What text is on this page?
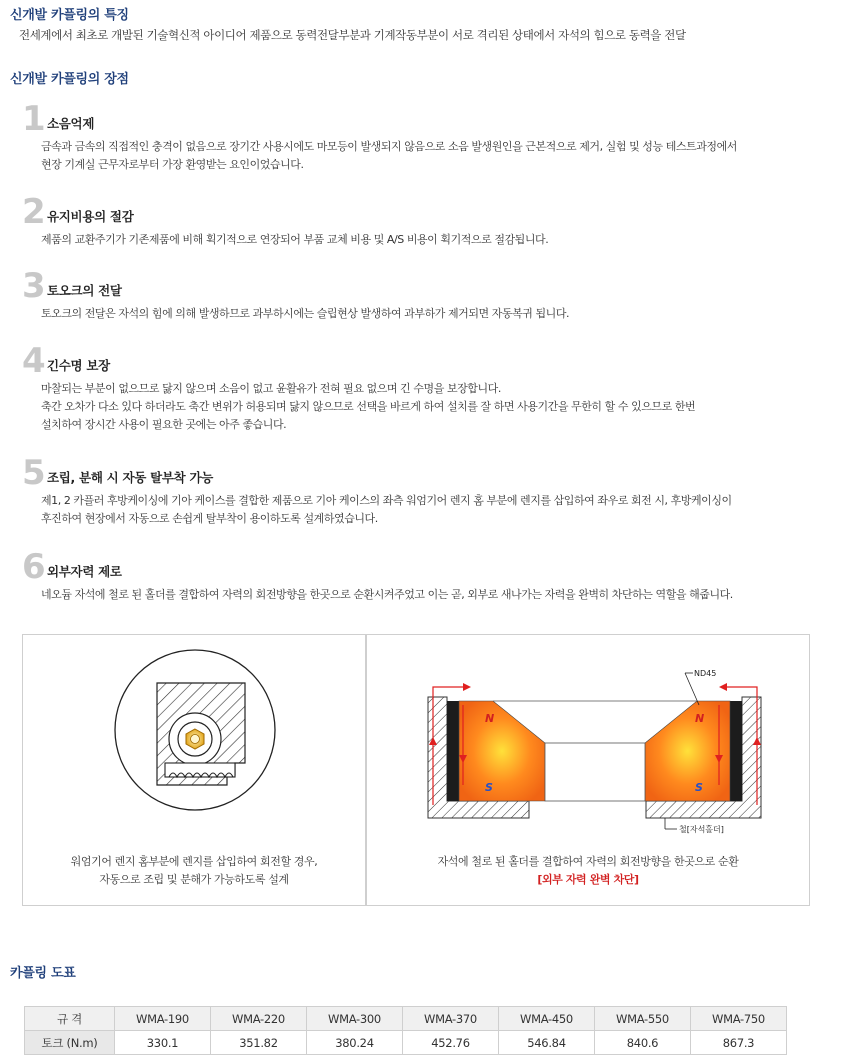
신개발 카플링의 특징
전세계에서 최초로 개발된 기술혁신적 아이디어 제품으로 동력전달부분과 기계작동부분이 서로 격리된 상태에서 자석의 힘으로 동력을 전달
신개발 카플링의 장점
1 소음억제
금속과 금속의 직접적인 충격이 없음으로 장기간 사용시에도 마모등이 발생되지 않음으로 소음 발생원인을 근본적으로 제거, 실험 및 성능 테스트과정에서
현장 기계실 근무자로부터 가장 환영받는 요인이었습니다.
2 유지비용의 절감
제품의 교환주기가 기존제품에 비해 획기적으로 연장되어 부품 교체 비용 및 A/S 비용이 획기적으로 절감됩니다.
3 토오크의 전달
토오크의 전달은 자석의 힘에 의해 발생하므로 과부하시에는 슬립현상 발생하여 과부하가 제거되면 자동복귀 됩니다.
4 긴수명 보장
마찰되는 부분이 없으므로 닳지 않으며 소음이 없고 윤활유가 전혀 필요 없으며 긴 수명을 보장합니다.
축간 오차가 다소 있다 하더라도 축간 변위가 허용되며 닳지 않으므로 선택을 바르게 하여 설치를 잘 하면 사용기간을 무한히 할 수 있으므로 한번
설치하여 장시간 사용이 필요한 곳에는 아주 좋습니다.
5 조립, 분해 시 자동 탈부착 가능
제1, 2 카플러 후방케이싱에 기아 케이스를 결합한 제품으로 기아 케이스의 좌측 워엄기어 렌지 홈 부분에 렌지를 삽입하여 좌우로 회전 시, 후방케이싱이
후진하여 현장에서 자동으로 손쉽게 탈부착이 용이하도록 설계하였습니다.
6 외부자력 제로
네오듐 자석에 철로 된 홀더를 결합하여 자력의 회전방향을 한곳으로 순환시켜주었고 이는 곧, 외부로 새나가는 자력을 완벽히 차단하는 역할을 해줍니다.
워엄기어 렌지 홈부분에 렌지를 삽입하여 회전할 경우,
자동으로 조립 및 분해가 가능하도록 설계
N
S
N
S
ND45
철[자석홀더]
자석에 철로 된 홀더를 결합하여 자력의 회전방향을 한곳으로 순환
[외부 자력 완벽 차단]
카플링 도표
규 격	WMA-190	WMA-220	WMA-300	WMA-370	WMA-450	WMA-550	WMA-750
토크 (N.m)	330.1	351.82	380.24	452.76	546.84	840.6	867.3
